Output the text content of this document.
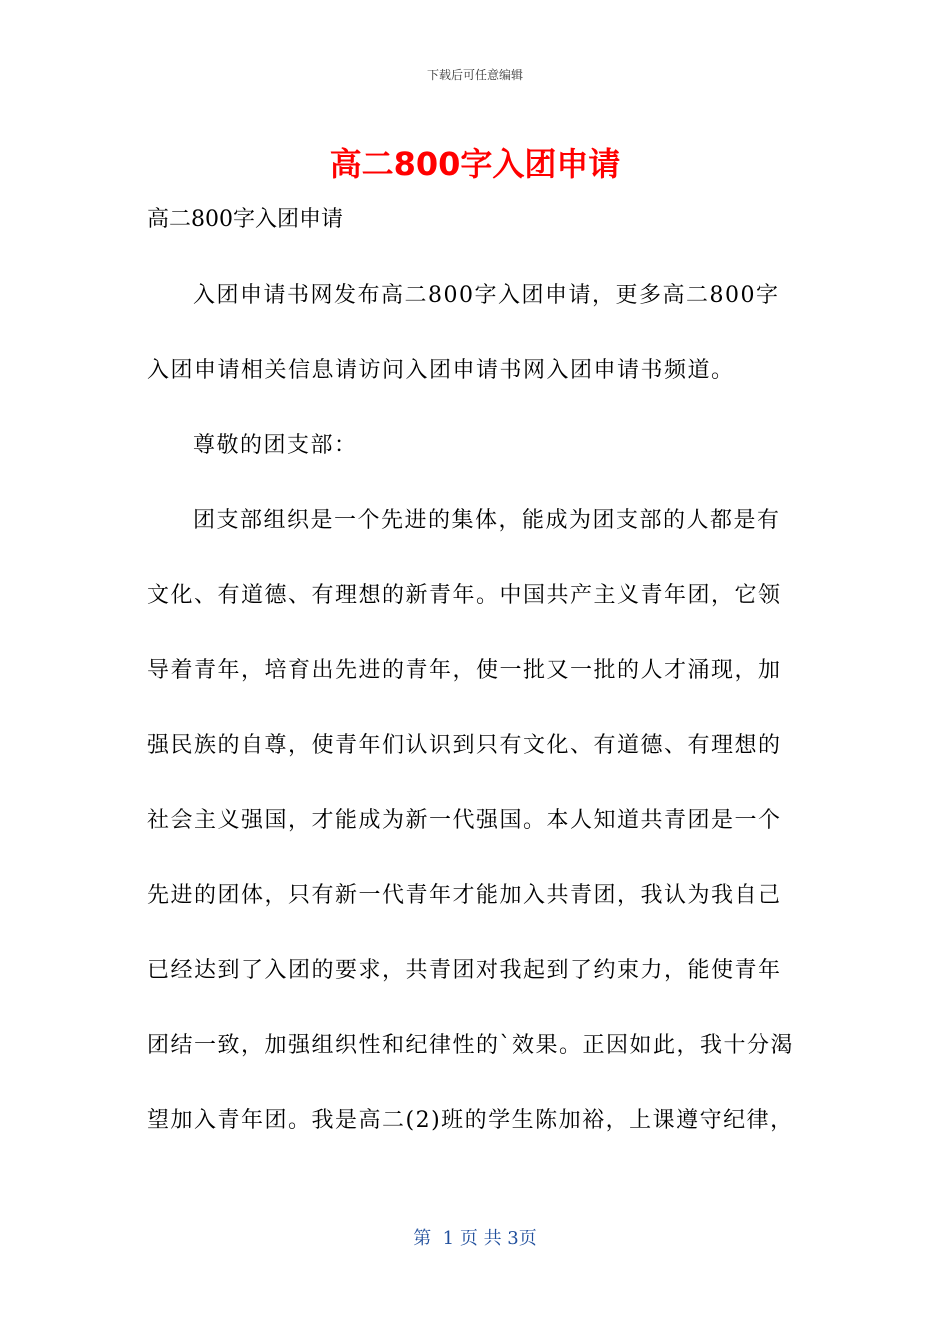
下载后可任意编辑
高二800字入团申请
高二800字入团申请
入团申请书网发布高二800字入团申请，更多高二800字
入团申请相关信息请访问入团申请书网入团申请书频道。
尊敬的团支部：
团支部组织是一个先进的集体，能成为团支部的人都是有
文化、有道德、有理想的新青年。中国共产主义青年团，它领
导着青年，培育出先进的青年，使一批又一批的人才涌现，加
强民族的自尊，使青年们认识到只有文化、有道德、有理想的
社会主义强国，才能成为新一代强国。本人知道共青团是一个
先进的团体，只有新一代青年才能加入共青团，我认为我自己
已经达到了入团的要求，共青团对我起到了约束力，能使青年
团结一致，加强组织性和纪律性的`效果。正因如此，我十分渴
望加入青年团。我是高二(2)班的学生陈加裕，上课遵守纪律，
第  1 页 共 3页
